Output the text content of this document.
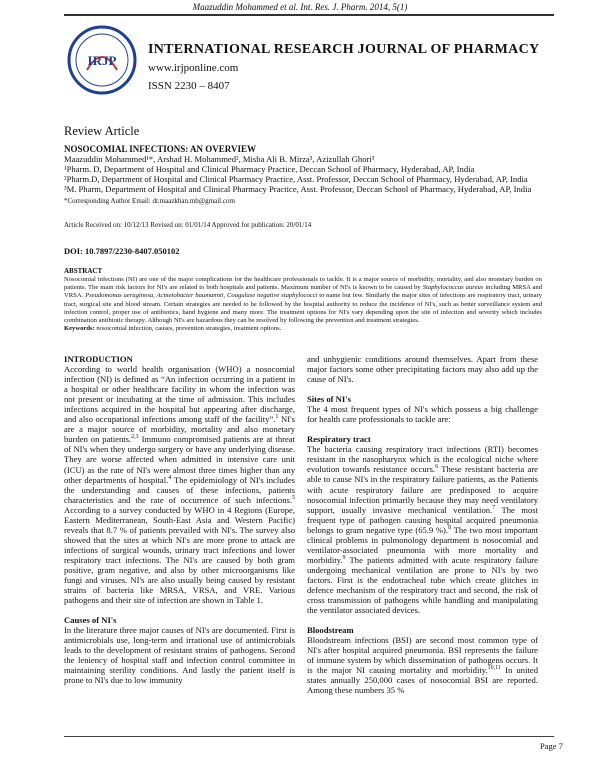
Maazuddin Mohammed et al. Int. Res. J. Pharm. 2014, 5(1)
IRJP
INTERNATIONAL RESEARCH JOURNAL OF PHARMACY
www.irjponline.com
ISSN 2230 – 8407
Review Article

NOSOCOMIAL INFECTIONS: AN OVERVIEW

Maazuddin Mohammed¹*, Arshad H. Mohammed², Misba Ali B. Mirza³, Azizullah Ghori³

¹Pharm. D, Department of Hospital and Clinical Pharmacy Practice, Deccan School of Pharmacy, Hyderabad, AP, India

²Pharm.D, Department of Hospital and Clinical Pharmacy Practice, Asst. Professor, Deccan School of Pharmacy, Hyderabad, AP, India

³M. Pharm, Department of Hospital and Clinical Pharmacy Practice, Asst. Professor, Deccan School of Pharmacy, Hyderabad, AP, India

*Corresponding Author Email: dr.maazkhan.mb@gmail.com

Article Received on: 10/12/13 Revised on: 01/01/14 Approved for publication: 20/01/14

DOI: 10.7897/2230-8407.050102

ABSTRACT

Nosocomial infections (NI) are one of the major complications for the healthcare professionals to tackle. It is a major source of morbidity, mortality, and also monetary burden on patients. The main risk factors for NI's are related to both hospitals and patients. Maximum number of NI's is known to be caused by Staphylococcus aureus including MRSA and VRSA. Pseudomonas aeruginosa, Acinetobacter baumannii, Coagulase negative staphylococci to name but few. Similarly the major sites of infections are respiratory tract, urinary tract, surgical site and blood stream. Certain strategies are needed to be followed by the hospital authority to reduce the incidence of NI's, such as better surveillance system and infection control, proper use of antibiotics, hand hygiene and many more. The treatment options for NI's vary depending upon the site of infection and severity which includes combination antibiotic therapy. Although NI's are hazardous they can be resolved by following the prevention and treatment strategies.

Keywords: nosocomial infection, causes, prevention strategies, treatment options.

INTRODUCTION

According to world health organisation (WHO) a nosocomial infection (NI) is defined as “An infection occurring in a patient in a hospital or other healthcare facility in whom the infection was not present or incubating at the time of admission. This includes infections acquired in the hospital but appearing after discharge, and also occupational infections among staff of the facility”.$^1$ NI's are a major source of morbidity, mortality and also monetary burden on patients.$^{2,3}$ Immuno compromised patients are at threat of NI's when they undergo surgery or have any underlying disease. They are worse affected when admitted in intensive care unit (ICU) as the rate of NI's were almost three times higher than any other departments of hospital.$^4$ The epidemiology of NI's includes the understanding and causes of these infections, patients characteristics and the rate of occurrence of such infections.$^5$ According to a survey conducted by WHO in 4 Regions (Europe, Eastern Mediterranean, South-East Asia and Western Pacific) reveals that 8.7 % of patients prevailed with NI's. The survey also showed that the sites at which NI's are more prone to attack are infections of surgical wounds, urinary tract infections and lower respiratory tract infections. The NI's are caused by both gram positive, gram negative, and also by other microorganisms like fungi and viruses. NI's are also usually being caused by resistant strains of bacteria like MRSA, VRSA, and VRE. Various pathogens and their site of infection are shown in Table 1.

Causes of NI's

In the literature three major causes of NI's are documented. First is antimicrobials use, long-term and irrational use of antimicrobials leads to the development of resistant strains of pathogens. Second the leniency of hospital staff and infection control committee in maintaining sterility conditions. And lastly the patient itself is prone to NI's due to low immunity

and unhygienic conditions around themselves. Apart from these major factors some other precipitating factors may also add up the cause of NI's.

Sites of NI's

The 4 most frequent types of NI's which possess a big challenge for health care professionals to tackle are:

Respiratory tract

The bacteria causing respiratory tract infections (RTI) becomes resistant in the nasopharynx which is the ecological niche where evolution towards resistance occurs.$^6$ These resistant bacteria are able to cause NI's in the respiratory failure patients, as the Patients with acute respiratory failure are predisposed to acquire nosocomial infection primarily because they may need ventilatory support, usually invasive mechanical ventilation.$^7$ The most frequent type of pathogen causing hospital acquired pneumonia belongs to gram negative type (65.9 %).$^8$ The two most important clinical problems in pulmonology department is nosocomial and ventilator-associated pneumonia with more mortality and morbidity.$^9$ The patients admitted with acute respiratory failure undergoing mechanical ventilation are prone to NI's by two factors. First is the endotracheal tube which create glitches in defence mechanism of the respiratory tract and second, the risk of cross transmission of pathogens while handling and manipulating the ventilator associated devices.

Bloodstream

Bloodstream infections (BSI) are second most common type of NI's after hospital acquired pneumonia. BSI represents the failure of immune system by which dissemination of pathogens occurs. It is the major NI causing mortality and morbidity.$^{10,11}$ In united states annually 250,000 cases of nosocomial BSI are reported. Among these numbers 35 %

Page 7
